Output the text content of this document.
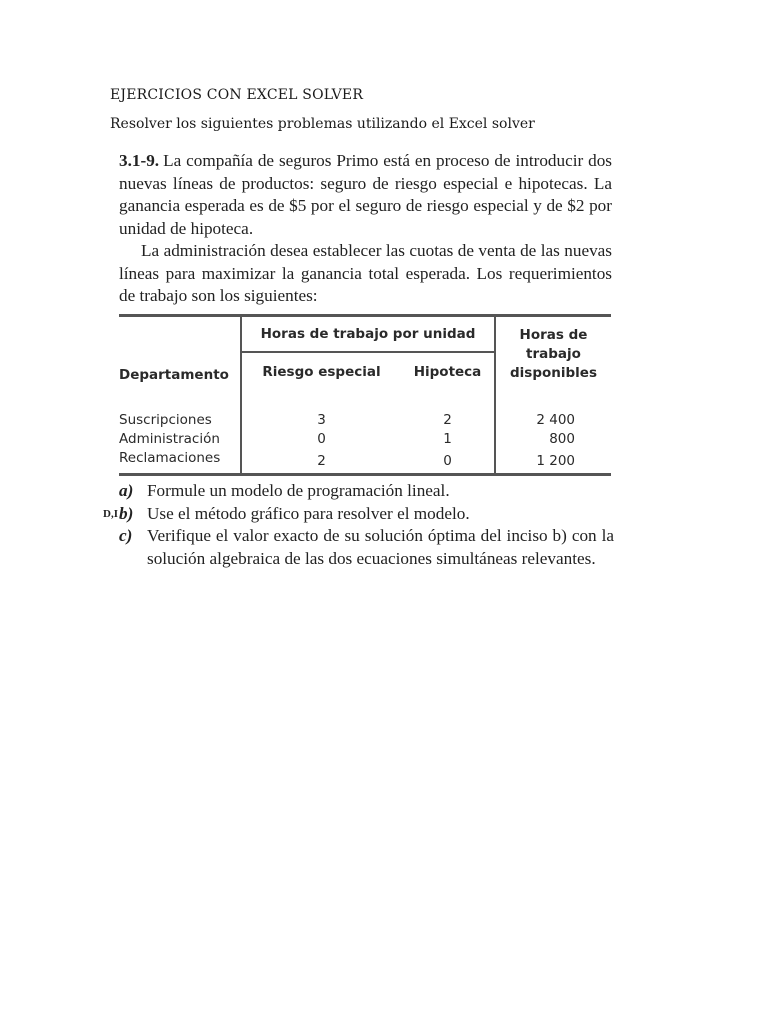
EJERCICIOS CON EXCEL SOLVER
Resolver los siguientes problemas utilizando el Excel solver

3.1-9. La compañía de seguros Primo está en proceso de introducir dos nuevas líneas de productos: seguro de riesgo especial e hipotecas. La ganancia esperada es de $5 por el seguro de riesgo especial y de $2 por unidad de hipoteca.

La administración desea establecer las cuotas de venta de las nuevas líneas para maximizar la ganancia total esperada. Los requerimientos de trabajo son los siguientes:

Departamento	Horas de trabajo por unidad		Horas de trabajo disponibles
	Riesgo especial	Hipoteca	

Suscripciones	3	2	2 400
Administración	0	1	800
Reclamaciones	2	0	1 200
a) Formule un modelo de programación lineal.
D,I b) Use el método gráfico para resolver el modelo.
c) Verifique el valor exacto de su solución óptima del inciso b) con la solución algebraica de las dos ecuaciones simultáneas relevantes.
